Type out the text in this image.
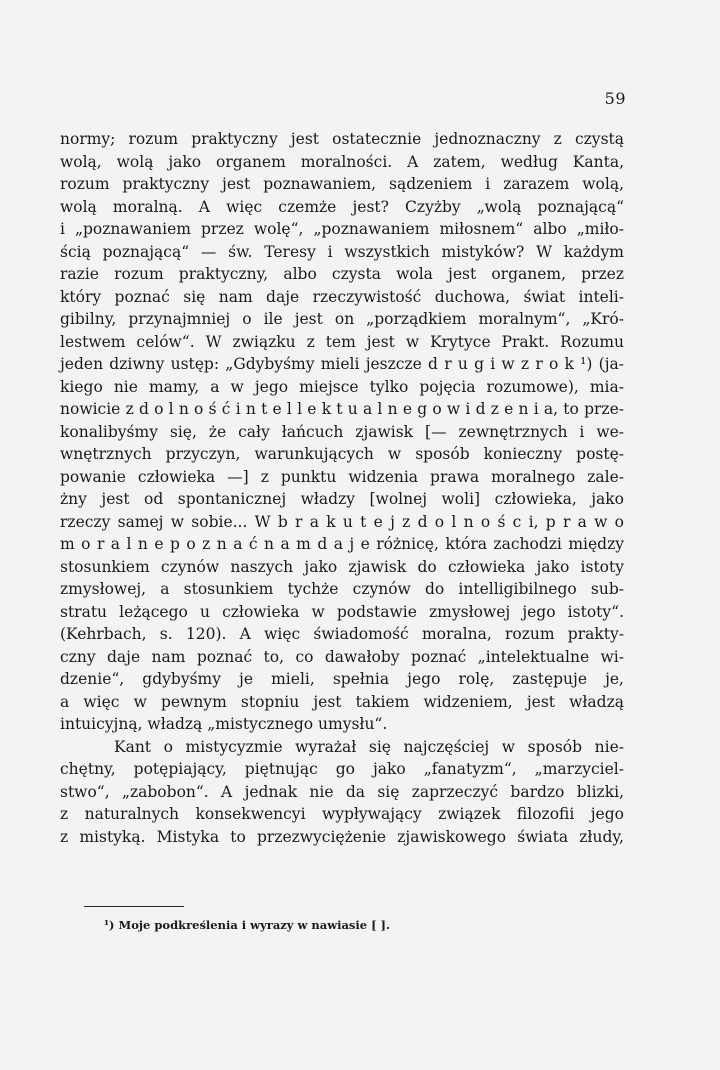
59
normy; rozum praktyczny jest ostatecznie jednoznaczny z czystą
wolą, wolą jako organem moralności. A zatem, według Kanta,
rozum praktyczny jest poznawaniem, sądzeniem i zarazem wolą,
wolą moralną. A więc czemże jest? Czyżby „wolą poznającą“
i „poznawaniem przez wolę“, „poznawaniem miłosnem“ albo „miło-
ścią poznającą“ — św. Teresy i wszystkich mistyków? W każdym
razie rozum praktyczny, albo czysta wola jest organem, przez
który poznać się nam daje rzeczywistość duchowa, świat inteli-
gibilny, przynajmniej o ile jest on „porządkiem moralnym“, „Kró-
lestwem celów“. W związku z tem jest w Krytyce Prakt. Rozumu
jeden dziwny ustęp: „Gdybyśmy mieli jeszcze d r u g i w z r o k ¹) (ja-
kiego nie mamy, a w jego miejsce tylko pojęcia rozumowe), mia-
nowicie z d o l n o ś ć i n t e l l e k t u a l n e g o w i d z e n i a, to prze-
konalibyśmy się, że cały łańcuch zjawisk [— zewnętrznych i we-
wnętrznych przyczyn, warunkujących w sposób konieczny postę-
powanie człowieka —] z punktu widzenia prawa moralnego zale-
żny jest od spontanicznej władzy [wolnej woli] człowieka, jako
rzeczy samej w sobie... W b r a k u t e j z d o l n o ś c i, p r a w o
m o r a l n e p o z n a ć n a m d a j e różnicę, która zachodzi między
stosunkiem czynów naszych jako zjawisk do człowieka jako istoty
zmysłowej, a stosunkiem tychże czynów do intelligibilnego sub-
stratu leżącego u człowieka w podstawie zmysłowej jego istoty“.
(Kehrbach, s. 120). A więc świadomość moralna, rozum prakty-
czny daje nam poznać to, co dawałoby poznać „intelektualne wi-
dzenie“, gdybyśmy je mieli, spełnia jego rolę, zastępuje je,
a więc w pewnym stopniu jest takiem widzeniem, jest władzą
intuicyjną, władzą „mistycznego umysłu“.
Kant o mistycyzmie wyrażał się najczęściej w sposób nie-
chętny, potępiający, piętnując go jako „fanatyzm“, „marzyciel-
stwo“, „zabobon“. A jednak nie da się zaprzeczyć bardzo blizki,
z naturalnych konsekwencyi wypływający związek filozofii jego
z mistyką. Mistyka to przezwyciężenie zjawiskowego świata złudy,
¹) Moje podkreślenia i wyrazy w nawiasie [ ].
